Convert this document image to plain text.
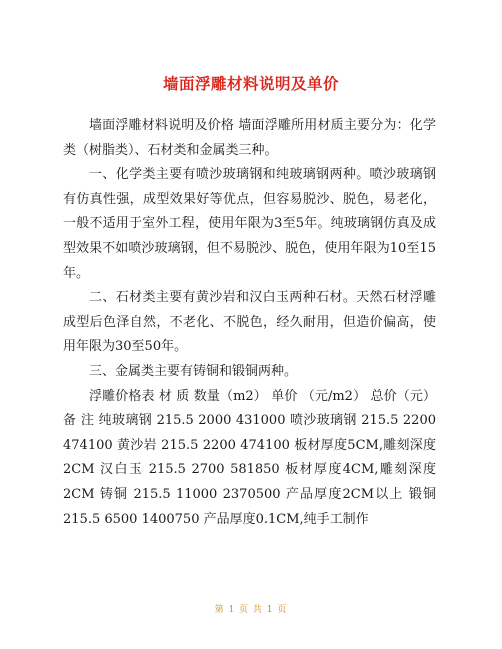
墙面浮雕材料说明及单价

墙面浮雕材料说明及价格 墙面浮雕所用材质主要分为：化学类（树脂类）、石材类和金属类三种。

一、化学类主要有喷沙玻璃钢和纯玻璃钢两种。喷沙玻璃钢有仿真性强，成型效果好等优点，但容易脱沙、脱色，易老化，一般不适用于室外工程，使用年限为3至5年。纯玻璃钢仿真及成型效果不如喷沙玻璃钢，但不易脱沙、脱色，使用年限为10至15年。

二、石材类主要有黄沙岩和汉白玉两种石材。天然石材浮雕成型后色泽自然，不老化、不脱色，经久耐用，但造价偏高，使用年限为30至50年。

三、金属类主要有铸铜和锻铜两种。

浮雕价格表 材 质 数量（m2） 单价 （元/m2） 总价（元） 备 注 纯玻璃钢 215.5 2000 431000 喷沙玻璃钢 215.5 2200 474100 黄沙岩 215.5 2200 474100 板材厚度5CM,雕刻深度2CM 汉白玉 215.5 2700 581850 板材厚度4CM,雕刻深度2CM 铸铜 215.5 11000 2370500 产品厚度2CM以上 锻铜 215.5 6500 1400750 产品厚度0.1CM,纯手工制作

第 1 页 共 1 页
